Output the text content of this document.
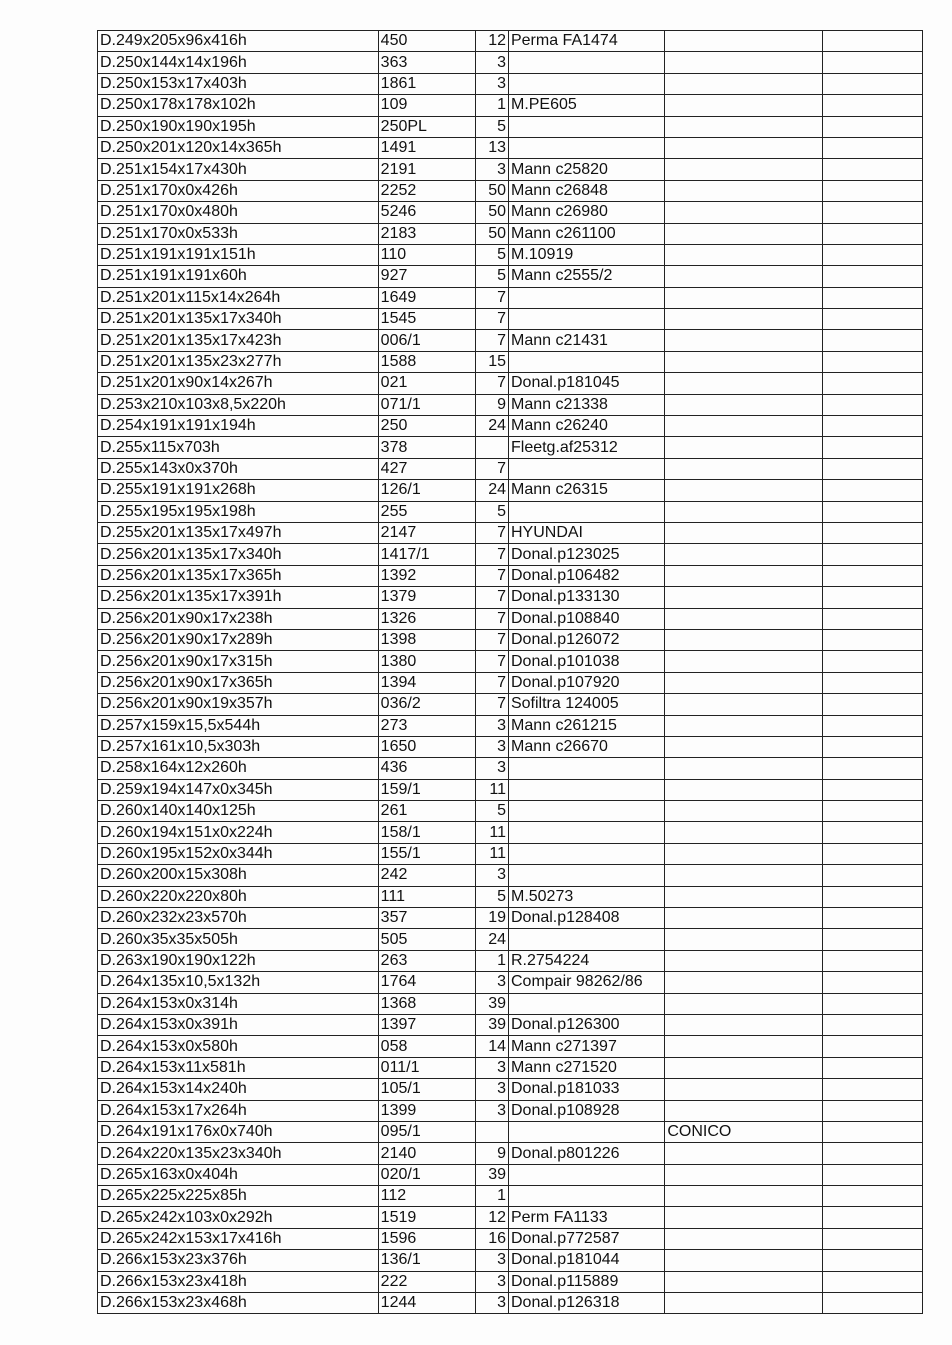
D.249x205x96x416h	450	12	Perma FA1474		
D.250x144x14x196h	363	3			
D.250x153x17x403h	1861	3			
D.250x178x178x102h	109	1	M.PE605		
D.250x190x190x195h	250PL	5			
D.250x201x120x14x365h	1491	13			
D.251x154x17x430h	2191	3	Mann c25820		
D.251x170x0x426h	2252	50	Mann c26848		
D.251x170x0x480h	5246	50	Mann c26980		
D.251x170x0x533h	2183	50	Mann c261100		
D.251x191x191x151h	110	5	M.10919		
D.251x191x191x60h	927	5	Mann c2555/2		
D.251x201x115x14x264h	1649	7			
D.251x201x135x17x340h	1545	7			
D.251x201x135x17x423h	006/1	7	Mann c21431		
D.251x201x135x23x277h	1588	15			
D.251x201x90x14x267h	021	7	Donal.p181045		
D.253x210x103x8,5x220h	071/1	9	Mann c21338		
D.254x191x191x194h	250	24	Mann c26240		
D.255x115x703h	378		Fleetg.af25312		
D.255x143x0x370h	427	7			
D.255x191x191x268h	126/1	24	Mann c26315		
D.255x195x195x198h	255	5			
D.255x201x135x17x497h	2147	7	HYUNDAI		
D.256x201x135x17x340h	1417/1	7	Donal.p123025		
D.256x201x135x17x365h	1392	7	Donal.p106482		
D.256x201x135x17x391h	1379	7	Donal.p133130		
D.256x201x90x17x238h	1326	7	Donal.p108840		
D.256x201x90x17x289h	1398	7	Donal.p126072		
D.256x201x90x17x315h	1380	7	Donal.p101038		
D.256x201x90x17x365h	1394	7	Donal.p107920		
D.256x201x90x19x357h	036/2	7	Sofiltra 124005		
D.257x159x15,5x544h	273	3	Mann c261215		
D.257x161x10,5x303h	1650	3	Mann c26670		
D.258x164x12x260h	436	3			
D.259x194x147x0x345h	159/1	11			
D.260x140x140x125h	261	5			
D.260x194x151x0x224h	158/1	11			
D.260x195x152x0x344h	155/1	11			
D.260x200x15x308h	242	3			
D.260x220x220x80h	111	5	M.50273		
D.260x232x23x570h	357	19	Donal.p128408		
D.260x35x35x505h	505	24			
D.263x190x190x122h	263	1	R.2754224		
D.264x135x10,5x132h	1764	3	Compair 98262/86		
D.264x153x0x314h	1368	39			
D.264x153x0x391h	1397	39	Donal.p126300		
D.264x153x0x580h	058	14	Mann c271397		
D.264x153x11x581h	011/1	3	Mann c271520		
D.264x153x14x240h	105/1	3	Donal.p181033		
D.264x153x17x264h	1399	3	Donal.p108928		
D.264x191x176x0x740h	095/1			CONICO	
D.264x220x135x23x340h	2140	9	Donal.p801226		
D.265x163x0x404h	020/1	39			
D.265x225x225x85h	112	1			
D.265x242x103x0x292h	1519	12	Perm FA1133		
D.265x242x153x17x416h	1596	16	Donal.p772587		
D.266x153x23x376h	136/1	3	Donal.p181044		
D.266x153x23x418h	222	3	Donal.p115889		
D.266x153x23x468h	1244	3	Donal.p126318		
